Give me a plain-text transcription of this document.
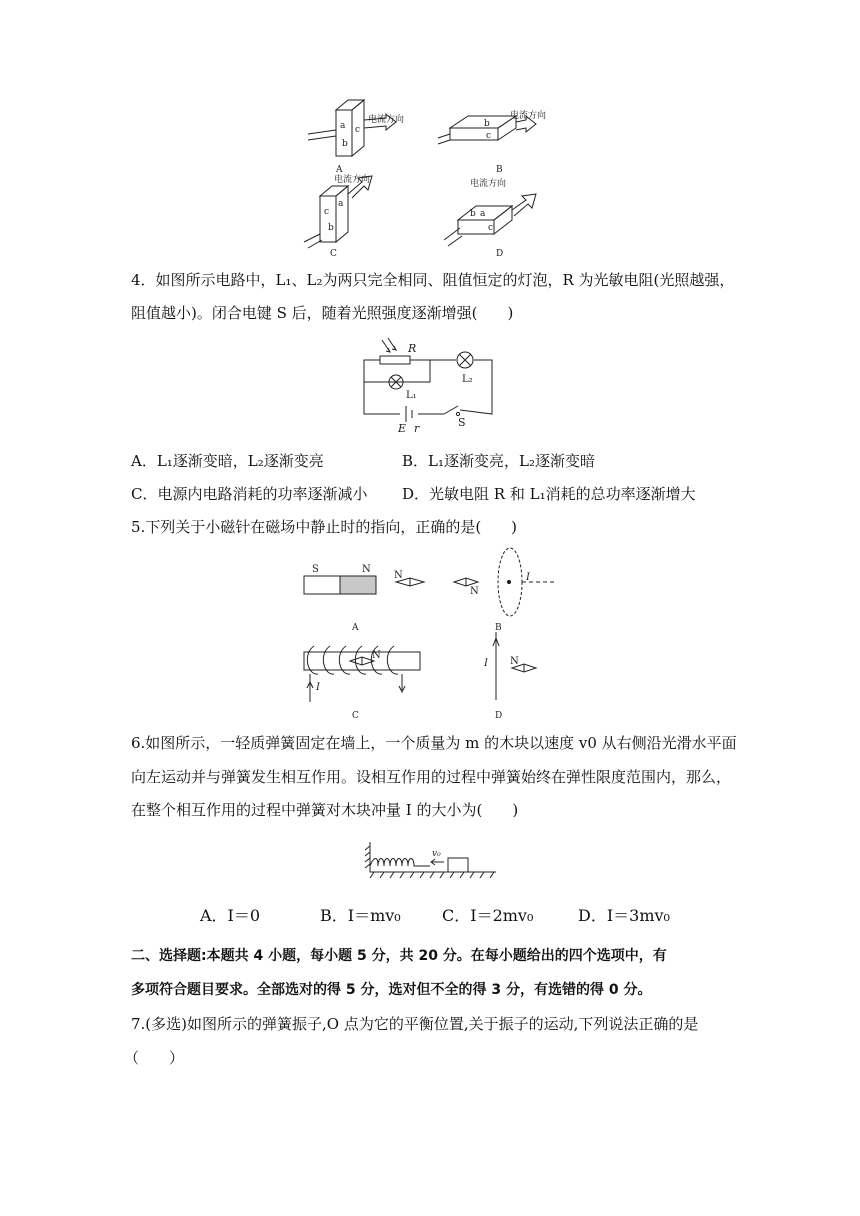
电流方向	电流方向
电流方向	电流方向
a c
b
b
c
a
c
b
a
b
c
A	B
C	D
4．如图所示电路中，L₁、L₂为两只完全相同、阻值恒定的灯泡，R 为光敏电阻(光照越强，
阻值越小)。闭合电键 S 后，随着光照强度逐渐增强(　　)
R
L₁
L₂
E r	S
A．L₁逐渐变暗，L₂逐渐变亮	B．L₁逐渐变亮，L₂逐渐变暗
C．电源内电路消耗的功率逐渐减小 D．光敏电阻 R 和 L₁消耗的总功率逐渐增大
5.下列关于小磁针在磁场中静止时的指向，正确的是(　　)
S	N
N
N
I
N
I
I N
A	B
C	D
6.如图所示，一轻质弹簧固定在墙上，一个质量为 m 的木块以速度 v0 从右侧沿光滑水平面
向左运动并与弹簧发生相互作用。设相互作用的过程中弹簧始终在弹性限度范围内，那么，
在整个相互作用的过程中弹簧对木块冲量 I 的大小为(　　)
v₀
A．I＝0	B．I＝mv₀	C．I＝2mv₀	D．I＝3mv₀
二、选择题:本题共 4 小题，每小题 5 分，共 20 分。在每小题给出的四个选项中，有
多项符合题目要求。全部选对的得 5 分，选对但不全的得 3 分，有选错的得 0 分。
7.(多选)如图所示的弹簧振子,O 点为它的平衡位置,关于振子的运动,下列说法正确的是
（　　）
